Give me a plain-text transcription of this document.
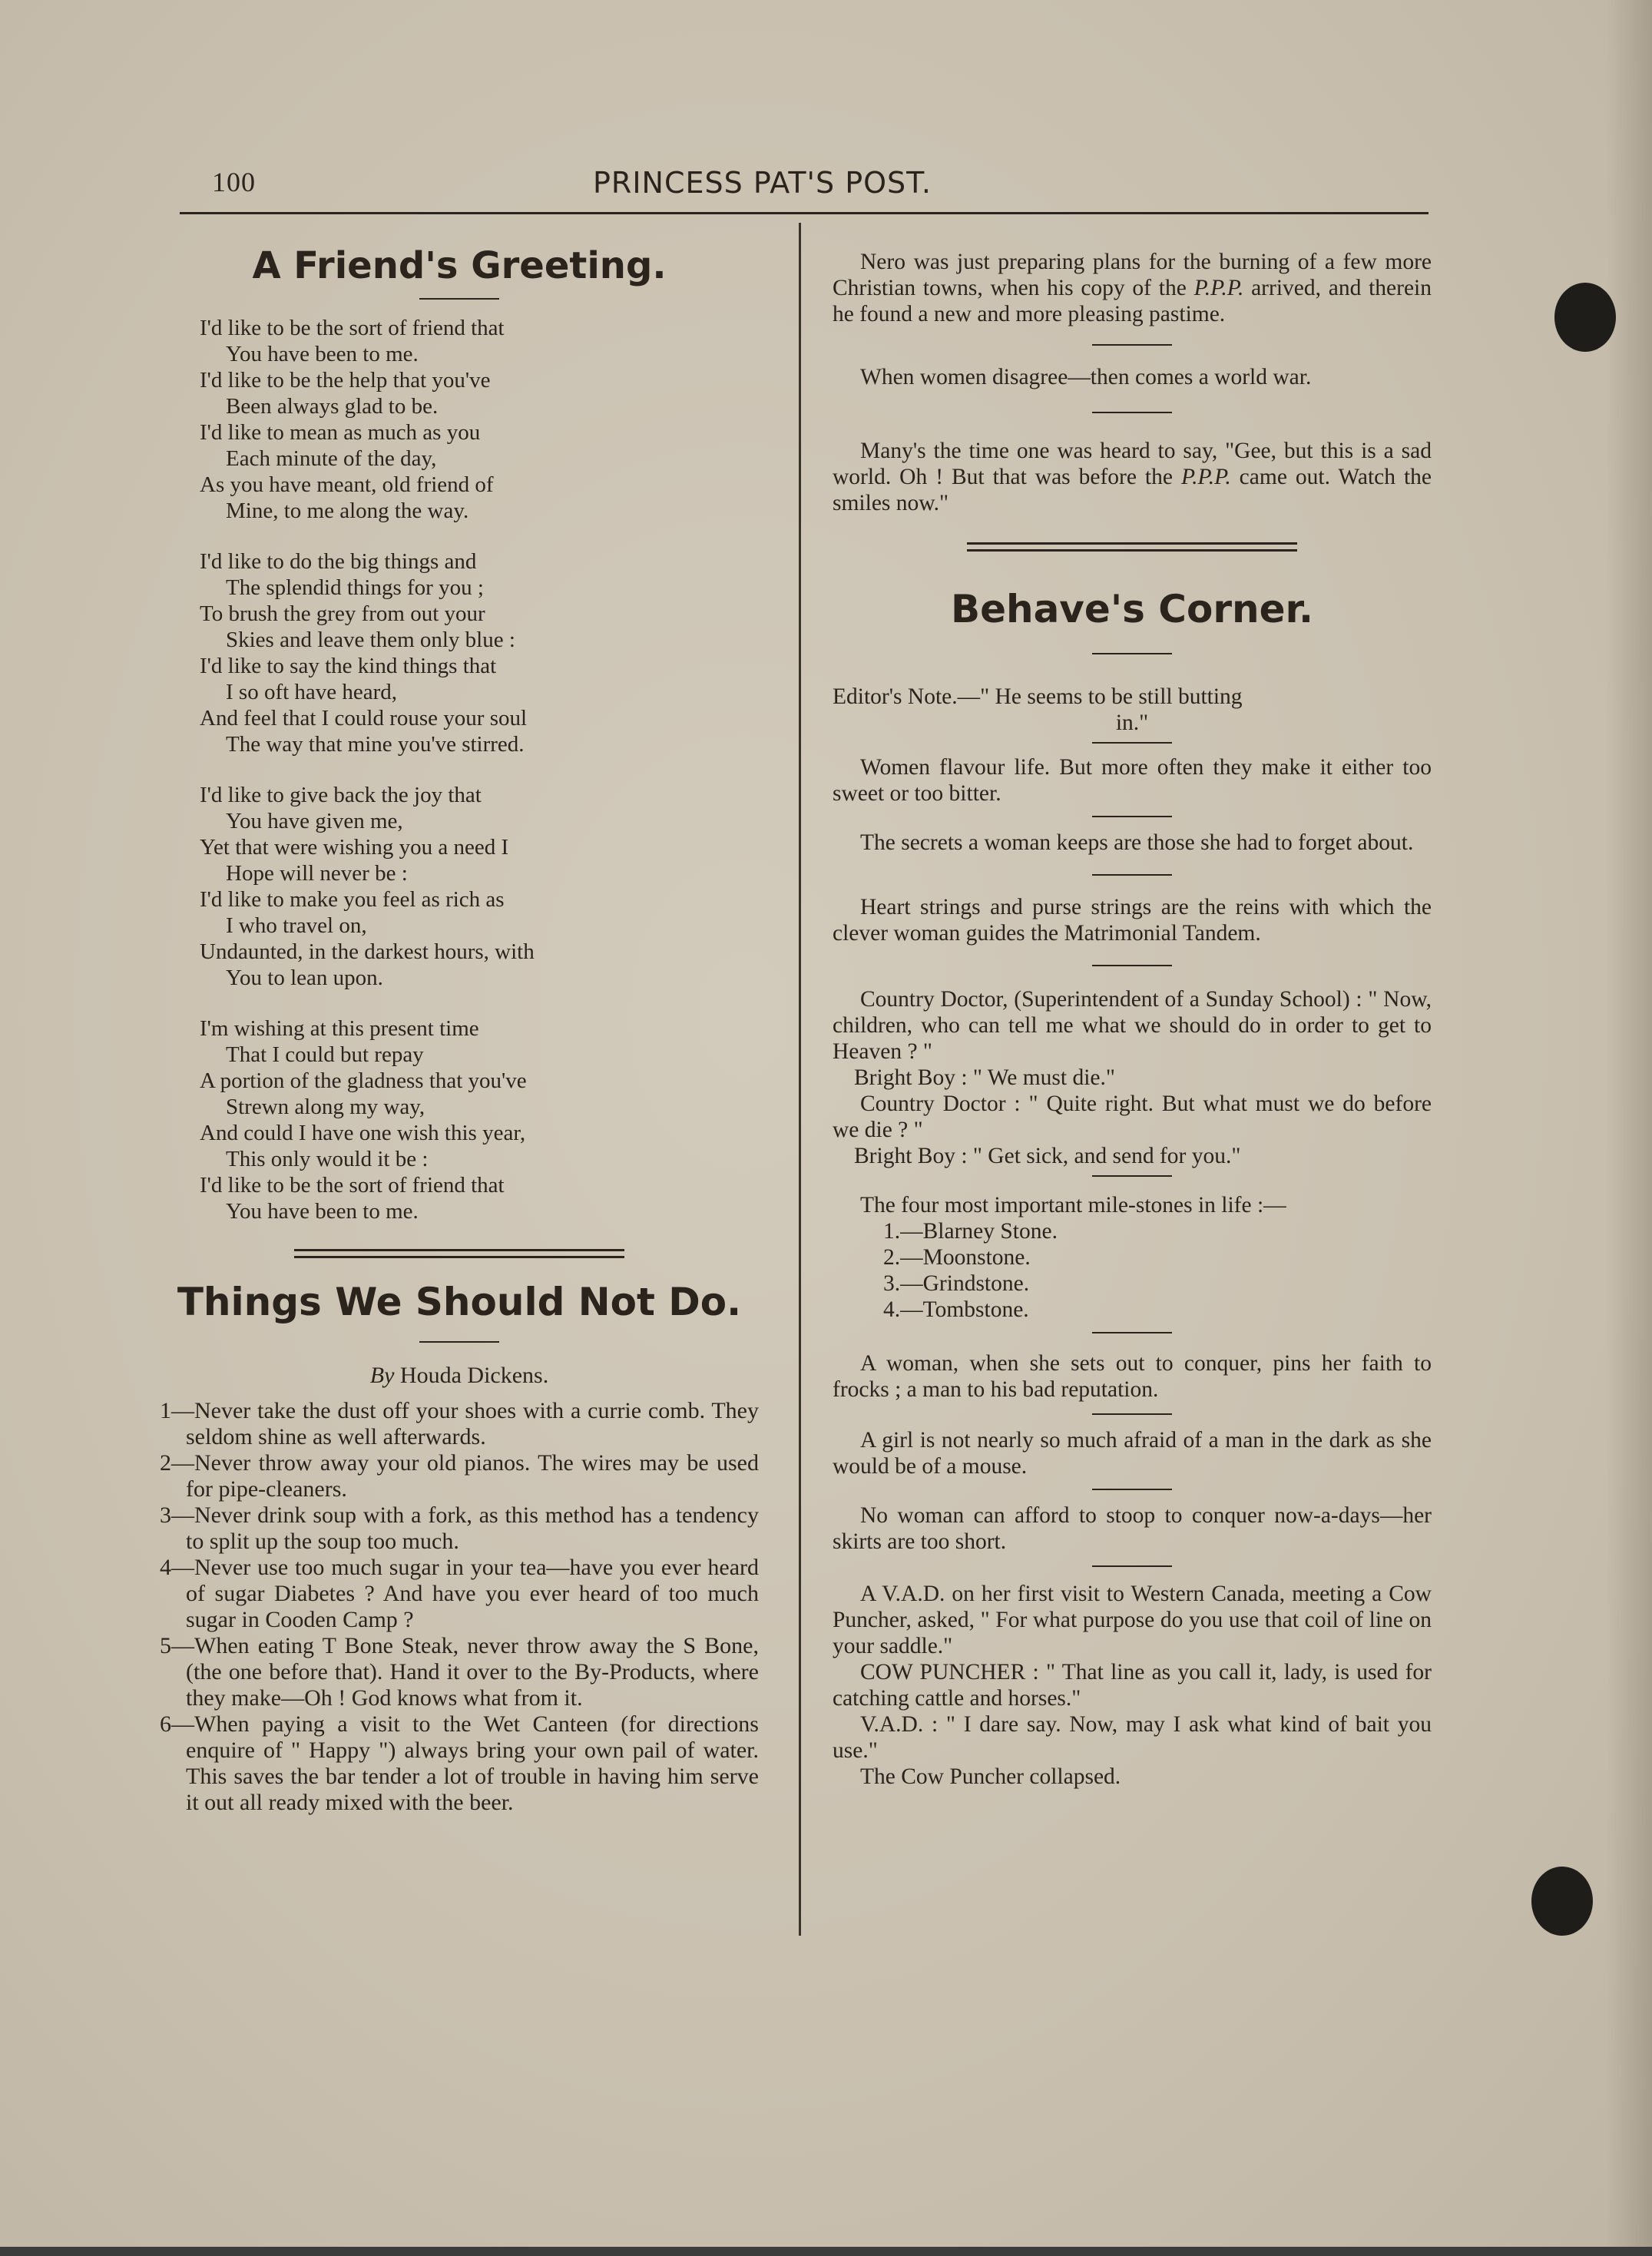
100	PRINCESS PAT'S POST.
A Friend's Greeting.
I'd like to be the sort of friend that
You have been to me.
I'd like to be the help that you've
Been always glad to be.
I'd like to mean as much as you
Each minute of the day,
As you have meant, old friend of
Mine, to me along the way.
I'd like to do the big things and
The splendid things for you ;
To brush the grey from out your
Skies and leave them only blue :
I'd like to say the kind things that
I so oft have heard,
And feel that I could rouse your soul
The way that mine you've stirred.
I'd like to give back the joy that
You have given me,
Yet that were wishing you a need I
Hope will never be :
I'd like to make you feel as rich as
I who travel on,
Undaunted, in the darkest hours, with
You to lean upon.
I'm wishing at this present time
That I could but repay
A portion of the gladness that you've
Strewn along my way,
And could I have one wish this year,
This only would it be :
I'd like to be the sort of friend that
You have been to me.
Things We Should Not Do.
By Houda Dickens.

1—Never take the dust off your shoes with a currie comb. They seldom shine as well afterwards.

2—Never throw away your old pianos. The wires may be used for pipe-cleaners.

3—Never drink soup with a fork, as this method has a tendency to split up the soup too much.

4—Never use too much sugar in your tea—have you ever heard of sugar Diabetes ? And have you ever heard of too much sugar in Cooden Camp ?

5—When eating T Bone Steak, never throw away the S Bone, (the one before that). Hand it over to the By-Products, where they make—Oh ! God knows what from it.

6—When paying a visit to the Wet Canteen (for directions enquire of " Happy ") always bring your own pail of water. This saves the bar tender a lot of trouble in having him serve it out all ready mixed with the beer.

Nero was just preparing plans for the burning of a few more Christian towns, when his copy of the P.P.P. arrived, and therein he found a new and more pleasing pastime.

When women disagree—then comes a world war.

Many's the time one was heard to say, "Gee, but this is a sad world. Oh ! But that was before the P.P.P. came out. Watch the smiles now."

Behave's Corner.

Editor's Note.—" He seems to be still butting

in."

Women flavour life. But more often they make it either too sweet or too bitter.

The secrets a woman keeps are those she had to forget about.

Heart strings and purse strings are the reins with which the clever woman guides the Matrimonial Tandem.

Country Doctor, (Superintendent of a Sunday School) : " Now, children, who can tell me what we should do in order to get to Heaven ? "

Bright Boy : " We must die."

Country Doctor : " Quite right. But what must we do before we die ? "

Bright Boy : " Get sick, and send for you."

The four most important mile-stones in life :—

1.—Blarney Stone.

2.—Moonstone.

3.—Grindstone.

4.—Tombstone.

A woman, when she sets out to conquer, pins her faith to frocks ; a man to his bad reputation.

A girl is not nearly so much afraid of a man in the dark as she would be of a mouse.

No woman can afford to stoop to conquer now-a-days—her skirts are too short.

A V.A.D. on her first visit to Western Canada, meeting a Cow Puncher, asked, " For what purpose do you use that coil of line on your saddle."

COW PUNCHER : " That line as you call it, lady, is used for catching cattle and horses."

V.A.D. : " I dare say. Now, may I ask what kind of bait you use."

The Cow Puncher collapsed.
